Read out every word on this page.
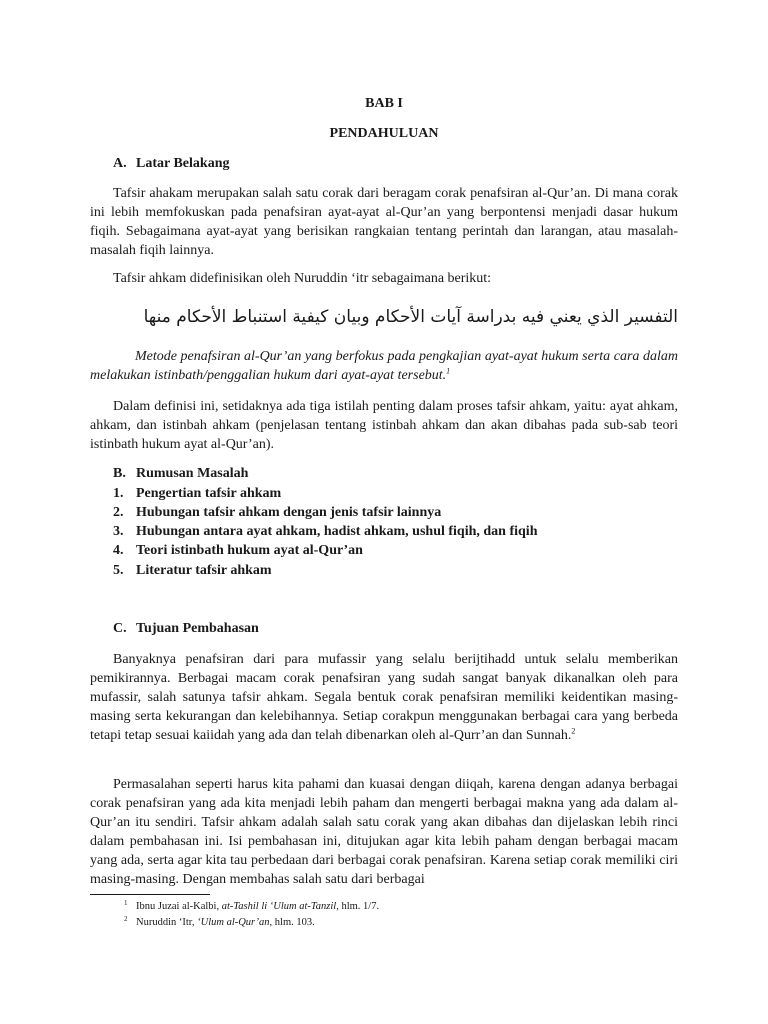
BAB I

PENDAHULUAN

A. Latar Belakang

Tafsir ahakam merupakan salah satu corak dari beragam corak penafsiran al-Qur’an. Di mana corak ini lebih memfokuskan pada penafsiran ayat-ayat al-Qur’an yang berpontensi menjadi dasar hukum fiqih. Sebagaimana ayat-ayat yang berisikan rangkaian tentang perintah dan larangan, atau masalah-masalah fiqih lainnya.

Tafsir ahkam didefinisikan oleh Nuruddin ‘itr sebagaimana berikut:

التفسير الذي يعني فيه بدراسة آيات الأحكام وبيان كيفية استنباط الأحكام منها

Metode penafsiran al-Qur’an yang berfokus pada pengkajian ayat-ayat hukum serta cara dalam melakukan istinbath/penggalian hukum dari ayat-ayat tersebut.$^1$

Dalam definisi ini, setidaknya ada tiga istilah penting dalam proses tafsir ahkam, yaitu: ayat ahkam, ahkam, dan istinbah ahkam (penjelasan tentang istinbah ahkam dan akan dibahas pada sub-sab teori istinbath hukum ayat al-Qur’an).

B. Rumusan Masalah
1. Pengertian tafsir ahkam
2. Hubungan tafsir ahkam dengan jenis tafsir lainnya
3. Hubungan antara ayat ahkam, hadist ahkam, ushul fiqih, dan fiqih
4. Teori istinbath hukum ayat al-Qur’an
5. Literatur tafsir ahkam
C. Tujuan Pembahasan

Banyaknya penafsiran dari para mufassir yang selalu berijtihadd untuk selalu memberikan pemikirannya. Berbagai macam corak penafsiran yang sudah sangat banyak dikanalkan oleh para mufassir, salah satunya tafsir ahkam. Segala bentuk corak penafsiran memiliki keidentikan masing-masing serta kekurangan dan kelebihannya. Setiap corakpun menggunakan berbagai cara yang berbeda tetapi tetap sesuai kaiidah yang ada dan telah dibenarkan oleh al-Qurr’an dan Sunnah.$^2$

Permasalahan seperti harus kita pahami dan kuasai dengan diiqah, karena dengan adanya berbagai corak penafsiran yang ada kita menjadi lebih paham dan mengerti berbagai makna yang ada dalam al-Qur’an itu sendiri. Tafsir ahkam adalah salah satu corak yang akan dibahas dan dijelaskan lebih rinci dalam pembahasan ini. Isi pembahasan ini, ditujukan agar kita lebih paham dengan berbagai macam yang ada, serta agar kita tau perbedaan dari berbagai corak penafsiran. Karena setiap corak memiliki ciri masing-masing. Dengan membahas salah satu dari berbagai

1 Ibnu Juzai al-Kalbi, at-Tashil li ‘Ulum at-Tanzil, hlm. 1/7.
2 Nuruddin ‘Itr, ‘Ulum al-Qur’an, hlm. 103.
